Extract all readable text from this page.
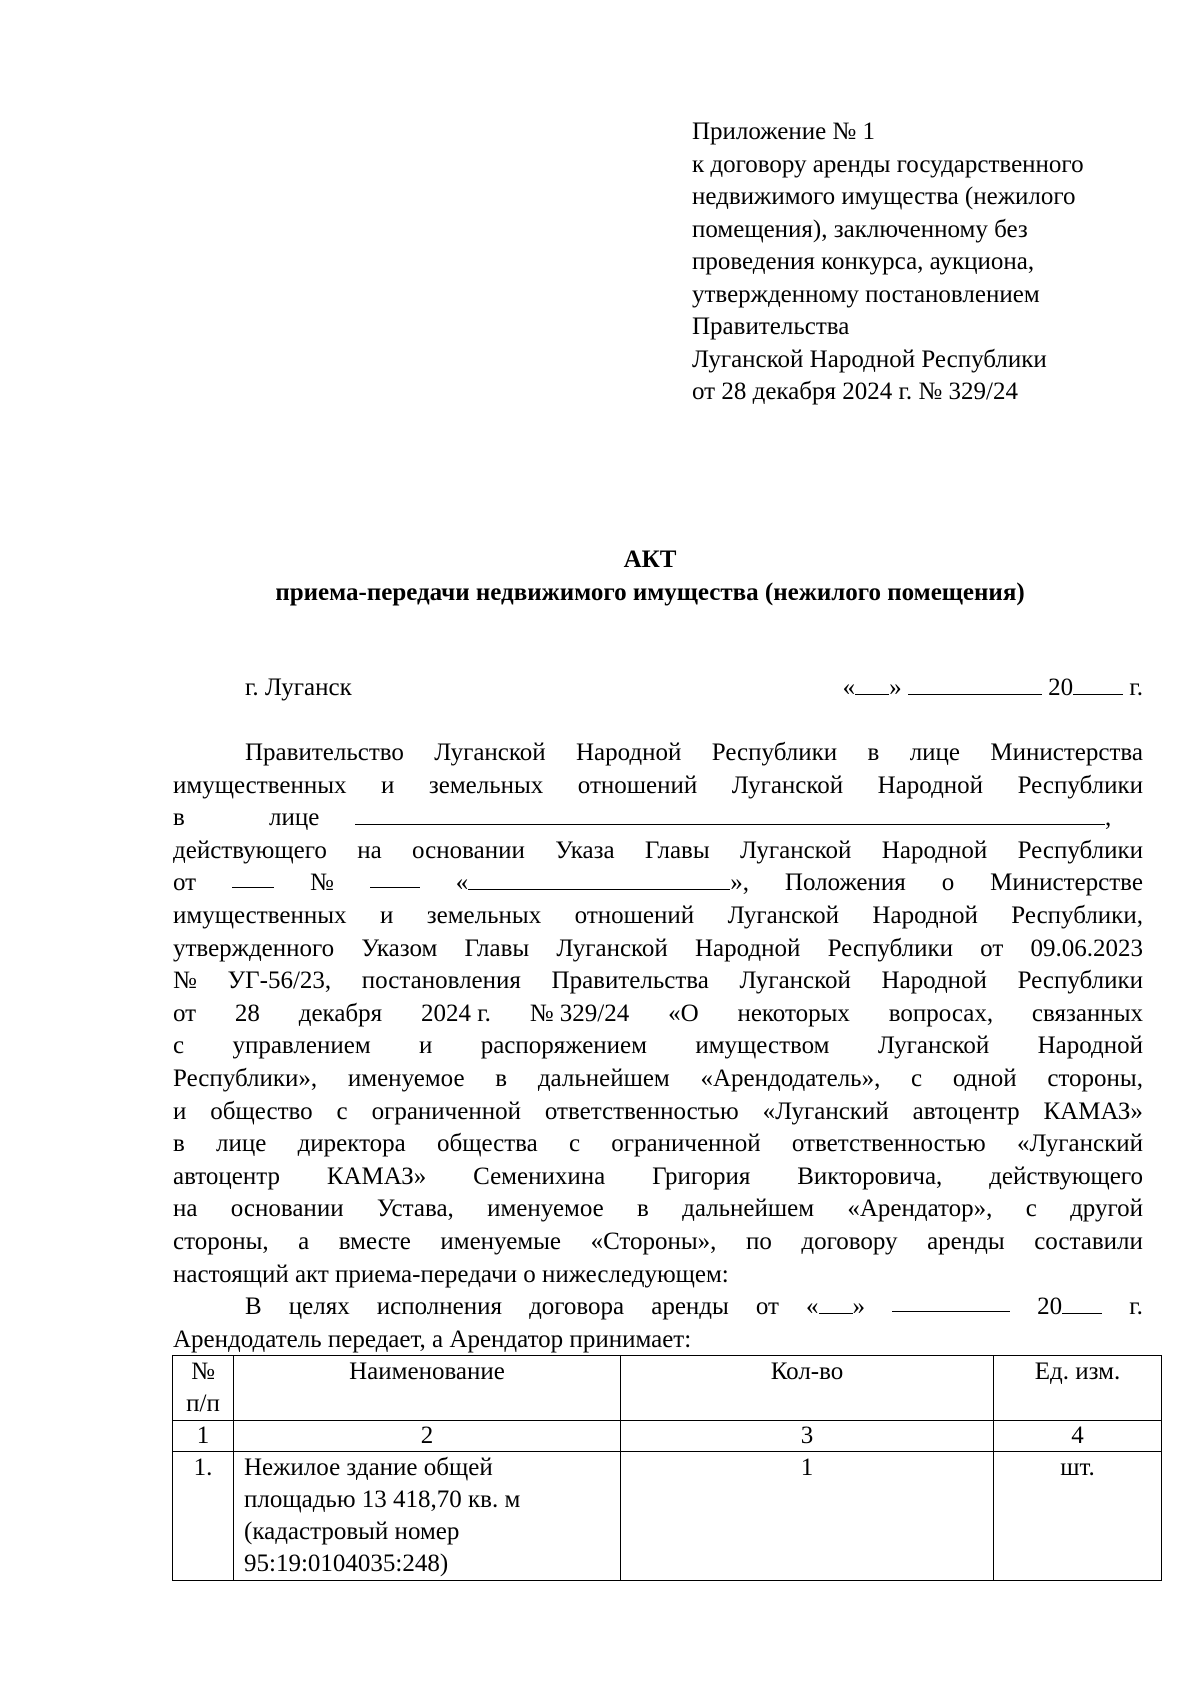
Приложение № 1
к договору аренды государственного
недвижимого имущества (нежилого
помещения), заключенному без
проведения конкурса, аукциона,
утвержденному постановлением
Правительства
Луганской Народной Республики
от 28 декабря 2024 г. № 329/24
АКТ
приема-передачи недвижимого имущества (нежилого помещения)
г. Луганск	« »	20 г.
Правительство Луганской Народной Республики в лице Министерства
имущественных и земельных отношений Луганской Народной Республики
в	лице	,
действующего на основании Указа Главы Луганской Народной Республики
от	№	«	», Положения о Министерстве
имущественных и земельных отношений Луганской Народной Республики,
утвержденного Указом Главы Луганской Народной Республики от 09.06.2023
№ УГ-56/23, постановления Правительства Луганской Народной Республики
от 28 декабря 2024 г. № 329/24 «О некоторых вопросах, связанных
с управлением и распоряжением имуществом Луганской Народной
Республики», именуемое в дальнейшем «Арендодатель», с одной стороны,
и общество с ограниченной ответственностью «Луганский автоцентр КАМАЗ»
в лице директора общества с ограниченной ответственностью «Луганский
автоцентр КАМАЗ» Семенихина Григория Викторовича, действующего
на основании Устава, именуемое в дальнейшем «Арендатор», с другой
стороны, а вместе именуемые «Стороны», по договору аренды составили
настоящий акт приема-передачи о нижеследующем:
В целях исполнения договора аренды от « »	20	г.
Арендодатель передает, а Арендатор принимает:
№
п/п	Наименование	Кол-во	Ед. изм.
1	2	3	4
1.	Нежилое здание общей
площадью 13 418,70 кв. м
(кадастровый номер
95:19:0104035:248)	1	шт.
